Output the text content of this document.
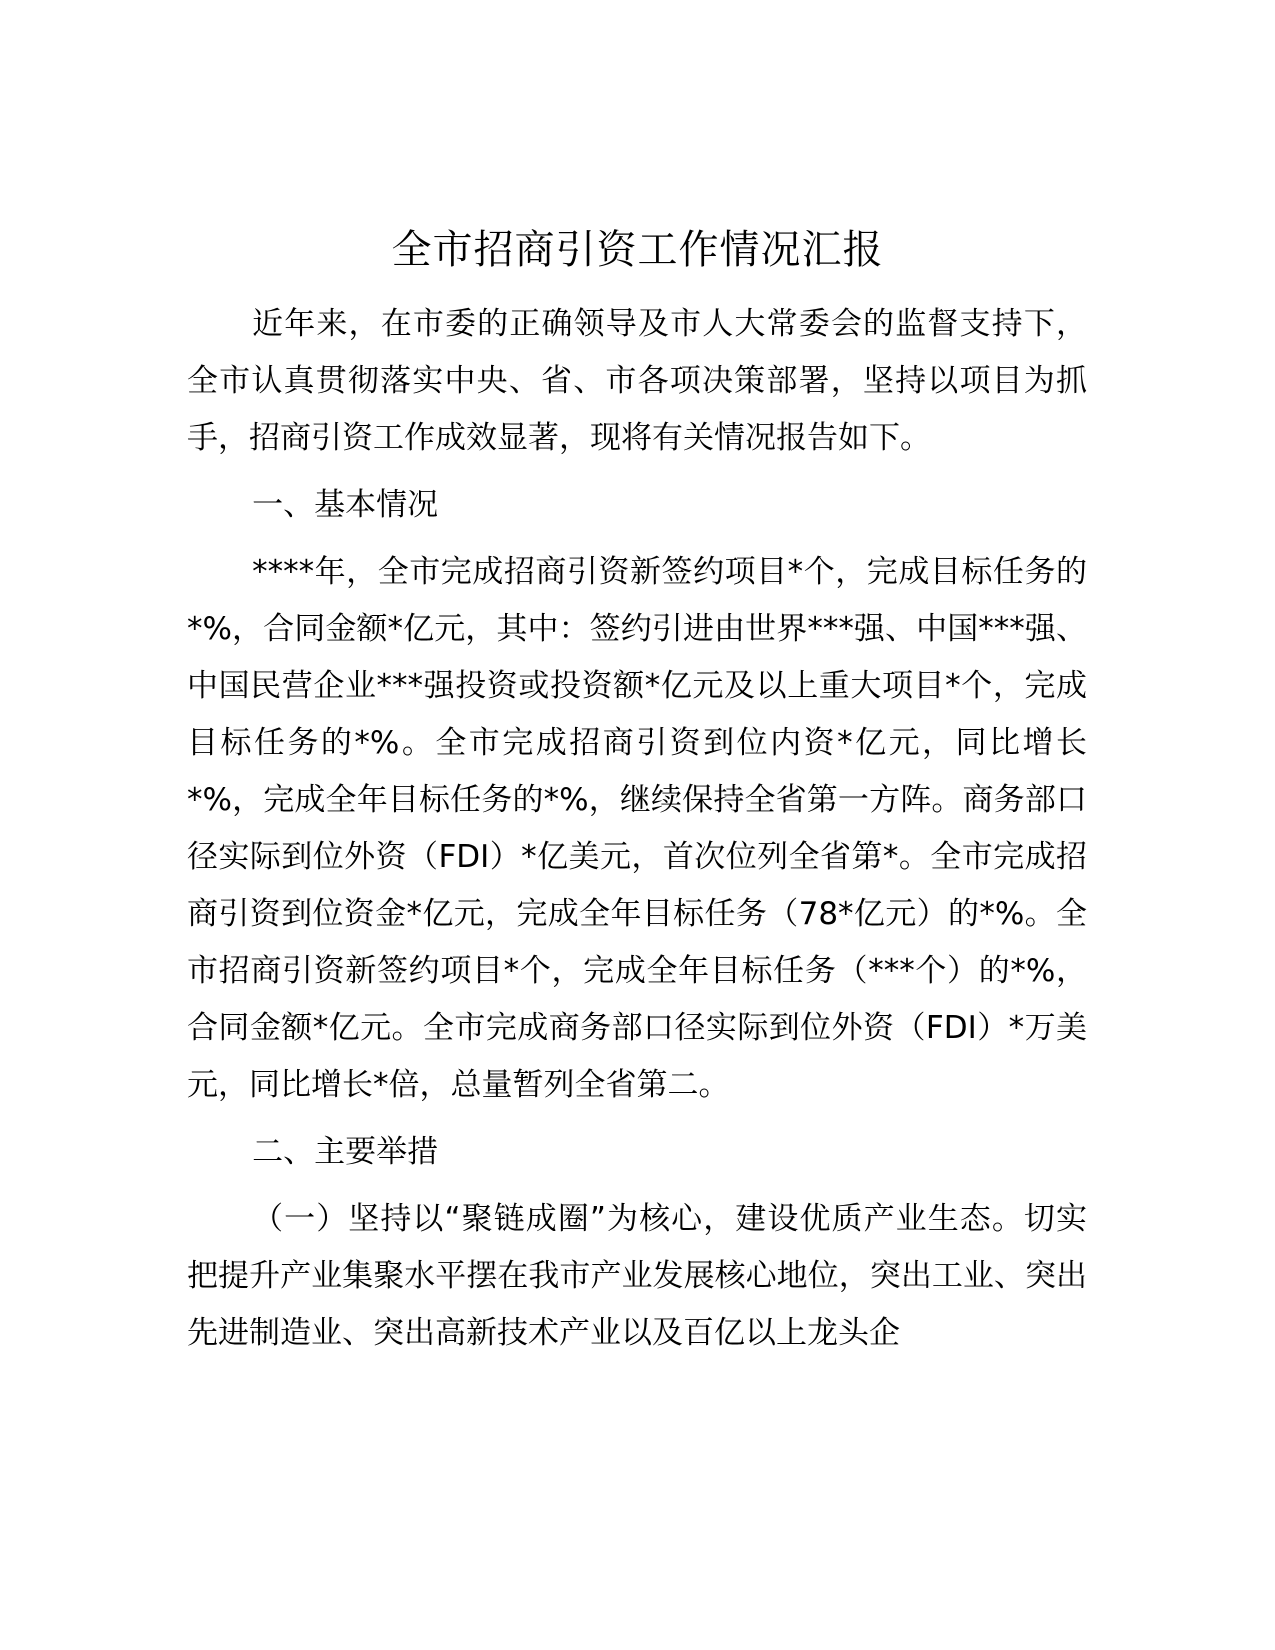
全市招商引资工作情况汇报

近年来，在市委的正确领导及市人大常委会的监督支持下，全市认真贯彻落实中央、省、市各项决策部署，坚持以项目为抓手，招商引资工作成效显著，现将有关情况报告如下。

一、基本情况

****年，全市完成招商引资新签约项目*个，完成目标任务的*%，合同金额*亿元，其中：签约引进由世界***强、中国***强、中国民营企业***强投资或投资额*亿元及以上重大项目*个，完成目标任务的*%。全市完成招商引资到位内资*亿元，同比增长*%，完成全年目标任务的*%，继续保持全省第一方阵。商务部口径实际到位外资（FDI）*亿美元，首次位列全省第*。全市完成招商引资到位资金*亿元，完成全年目标任务（78*亿元）的*%。全市招商引资新签约项目*个，完成全年目标任务（***个）的*%，合同金额*亿元。全市完成商务部口径实际到位外资（FDI）*万美元，同比增长*倍，总量暂列全省第二。

二、主要举措

（一）坚持以“聚链成圈”为核心，建设优质产业生态。切实把提升产业集聚水平摆在我市产业发展核心地位，突出工业、突出先进制造业、突出高新技术产业以及百亿以上龙头企
